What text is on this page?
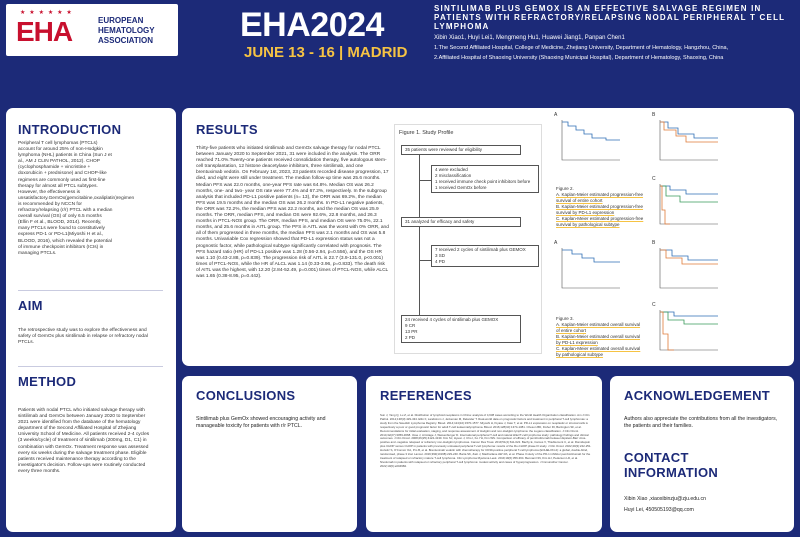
★ ★ ★ ★ ★ ★
EHA	EUROPEAN
HEMATOLOGY
ASSOCIATION	EHA2024
JUNE 13 - 16 | MADRID
SINTILIMAB PLUS GEMOX IS AN EFFECTIVE SALVAGE REGIMEN IN PATIENTS WITH REFRACTORY/RELAPSING NODAL PERIPHERAL T CELL LYMPHOMA
Xibin Xiao1, Huyi Lei1, Mengmeng Hu1, Huawei Jiang1, Panpan Chen1
1.The Second Affiliated Hospital, College of Medicine, Zhejiang University, Department of Hematology, Hangzhou, China,
2.Affiliated Hospital of Shaoxing University (Shaoxing Municipal Hospital), Department of Hematology, Shaoxing, China
INTRODUCTION
Peripheral T cell lymphomas (PTCLs) account for around 25% of non-Hodgkin lymphoma (NHL) patients in China (Sun J et al., AM J CLIN PATHOL, 2012). CHOP (cyclophosphamide + vincristine + doxorubicin + prednisone) and CHOP-like regimens are commonly used as first-line therapy for almost all PTCL subtypes. However, the effectiveness is unsatisfactory.GemOx(gemcitabine,oxaliplatin)regimen is recommended by NCCN for refractory/relapsing (r/r) PTCL with a median overall survival (OS) of only 6.5 months (Ellin F et al., BLOOD, 2014). Recently, many PTCLs were found to constitutively express PD-1 or PD-L1(Miyoshi H et al., BLOOD, 2016), which revealed the potential of immune checkpoint inhibitors (ICIs) in managing PTCLs.
AIM
The retrospective study was to explore the effectiveness and safety of GemOx plus sintilimab in relapse or refractory nodal PTCLs.
METHOD
Patients with nodal PTCL who initiated salvage therapy with sintilimab and GemOx between January 2020 to September 2021 were identified from the database of the hematology department of the Second Affiliated Hospital of Zhejiang University School of Medicine. All patients received 2-4 cycles (3 weeks/cycle) of treatment of sintilimab (200mg, D1, C1) in combination with GemOx. Treatment response was assessed every six weeks during the salvage treatment phase. Eligible patients received maintenance therapy according to the investigator's decision. Follow-ups were routinely conducted every three months.
RESULTS
Thirty-five patients who initiated sintilimab and GemOx salvage therapy for nodal PTCL between January 2020 to September 2021, 31 were included in the analysis. The ORR reached 71.0%.Twenty-one patients received consolidation therapy, five autologous stem-cell transplantation, 12 histone deacetylase inhibitors, three sintilimab, and one brentuximab vedotin. On February 1st, 2023, 23 patients recorded disease progression, 17 died, and eight were still under treatment. The median follow-up time was 25.6 months. Median PFS was 22.0 months, one-year PFS rate was 64.8%. Median OS was 26.2 months, one- and two- year OS rate were 77.4% and 67.2%, respectively. In the subgroup analysis that included PD-L1 positive patients (n= 13), the ORR was 69.2%, the median PFS was 19.5 months and the median OS was 26.2 months. In PD-L1 negative patients, the ORR was 72.2%, the median PFS was 22.2 months, and the median OS was 25.9 months. The ORR, median PFS, and median OS were 92.6%, 22.8 months, and 26.3 months in PTCL-NOS group. The ORR, median PFS, and median OS were 75.0%, 22.1 months, and 25.6 months in AITL group. The PFS in AITL was the worst with 0% ORR, and all of them progressed in three months, the median PFS was 2.1 months and OS was 5.8 months. Univariable Cox regression showed that PD-L1 expression status was not a prognostic factor, while pathological subtype significantly correlated with prognosis. The PFS hazard ratio (HR) of PD-L1 positive was 1.28 (0.56-2.94, p=0.556), and the OS HR was 1.10 (0.43-2.88, p=0.839). The progression risk of AITL is 22.7 (3.9-131.0, p<0.001) times of PTCL-NOS, while the HR of ALCL was 1.14 (0.33-3.96, p=0.833). The death risk of AITL was the highest, with 12.20 (2.84-52.49, p=0.001) times of PTCL-NOS, while ALCL was 1.65 (0.38-8.95, p=0.442).
Figure 1. Study Profile
35 patients were reviewed for eligibility
4 were excluded
2 misclassification
1 received immune check point inhibitors before
1 received GemOx before
31 analyzed for efficacy and safety
7 received 2 cycles of sintilimab plus GEMOX
3 SD
4 PD
24 received 4 cycles of sintilimab plus GEMOX
9 CR
13 PR
2 PD
A	B
C
Figure 2.
A. Kaplan-Meier estimated progression-free survival of entire cohort
B. Kaplan-Meier estimated progression-free survival by PD-L1 expression
C. Kaplan-Meier estimated progression-free survival by pathological subtype
A	B
C
Figure 3.
A. Kaplan-Meier estimated overall survival of entire cohort
B. Kaplan-Meier estimated overall survival by PD-L1 expression
C. Kaplan-Meier estimated overall survival by pathological subtype
CONCLUSIONS
Sintilimab plus GemOx showed encouraging activity and manageable toxicity for patients with r/r PTCL.
REFERENCES
Sun J, Yang Q, Lu Z, et al. Distribution of lymphoid neoplasms in China: analysis of 4,638 cases according to the World Health Organization classification. Am J Clin Pathol. 2012;138(3):429-434. Ellin F, Landstrom J, Jerkeman M, Relander T. Real-world data on prognostic factors and treatment in peripheral T-cell lymphomas: a study from the Swedish Lymphoma Registry. Blood. 2014;124(10):1570-1577. Miyoshi H, Kiyasu J, Kato T, et al. PD-L1 expression on neoplastic or stromal cells is respectively a poor or good prognostic factor for adult T-cell leukemia/lymphoma. Blood. 2016;128(10):1374-1381. Cheson BD, Fisher RI, Barrington SF, et al. Recommendations for initial evaluation, staging, and response assessment of Hodgkin and non-Hodgkin lymphoma: the Lugano classification. J Clin Oncol. 2014;32(27):3059-3068. Vose J, Armitage J, Weisenburger D. International peripheral T-cell and natural killer/T-cell lymphoma study: pathology findings and clinical outcomes. J Clin Oncol. 2008;26(25):4124-4130. Kim SJ, Hyeon J, Cho I, Ko YH, Kim WS. Comparison of efficacy of pembrolizumab between Epstein-Barr virus-positive and -negative relapsed or refractory non-Hodgkin lymphomas. Cancer Res Treat. 2019;51(2):611-622. Bachy E, Camus V, Thieblemont C, et al. Romidepsin plus CHOP versus CHOP in patients with previously untreated peripheral T-cell lymphoma: results of the Ro-CHOP phase III study. J Clin Oncol. 2022;40(3):242-251. Horwitz S, O'Connor OA, Pro B, et al. Brentuximab vedotin with chemotherapy for CD30-positive peripheral T-cell lymphoma (ECHELON-2): a global, double-blind, randomised, phase 3 trial. Lancet. 2019;393(10168):229-240. Barta SK, Zain J, MacFarlane AW 4th, et al. Phase II study of the PD-1 inhibitor pembrolizumab for the treatment of relapsed or refractory mature T-cell lymphoma. Clin Lymphoma Myeloma Leuk. 2019;19(6):356-364. Bennani NN, Kim HJ, Pederson LD, et al. Nivolumab in patients with relapsed or refractory peripheral T-cell lymphoma: modest activity and cases of hyperprogression. J Immunother Cancer. 2022;10(6):e004984.
ACKNOWLEDGEMENT
Authors also appreciate the contributions from all the investigators, the patients and their families.
CONTACT
INFORMATION
Xibin Xiao ,xiaoxibinzju@zju.edu.cn
Huyi Lei, 450505193@qq.com
